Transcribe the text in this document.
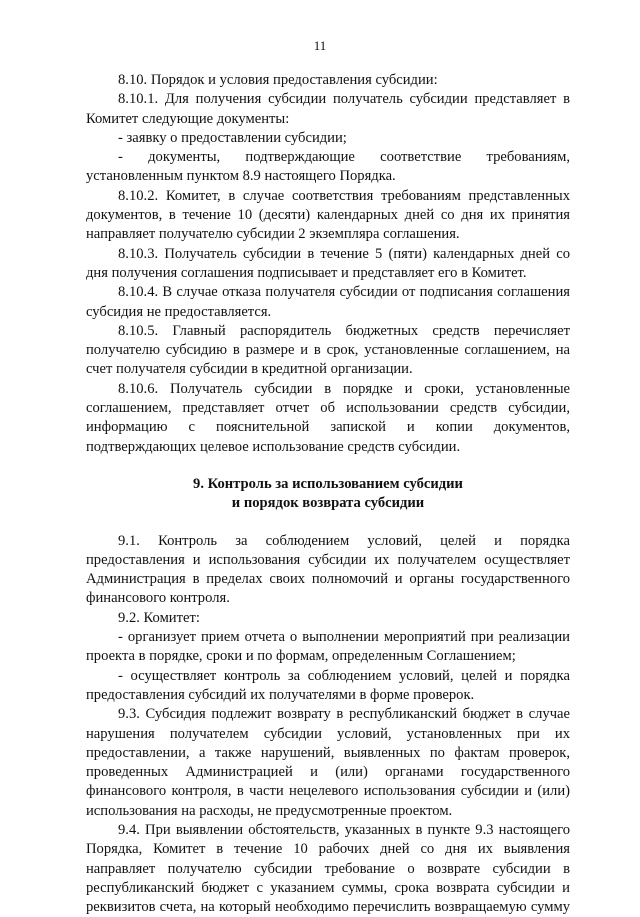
11

8.10. Порядок и условия предоставления субсидии:

8.10.1. Для получения субсидии получатель субсидии представляет в Комитет следующие документы:

- заявку о предоставлении субсидии;

- документы, подтверждающие соответствие требованиям, установленным пунктом 8.9 настоящего Порядка.

8.10.2. Комитет, в случае соответствия требованиям представленных документов, в течение 10 (десяти) календарных дней со дня их принятия направляет получателю субсидии 2 экземпляра соглашения.

8.10.3. Получатель субсидии в течение 5 (пяти) календарных дней со дня получения соглашения подписывает и представляет его в Комитет.

8.10.4. В случае отказа получателя субсидии от подписания соглашения субсидия не предоставляется.

8.10.5. Главный распорядитель бюджетных средств перечисляет получателю субсидию в размере и в срок, установленные соглашением, на счет получателя субсидии в кредитной организации.

8.10.6. Получатель субсидии в порядке и сроки, установленные соглашением, представляет отчет об использовании средств субсидии, информацию с пояснительной запиской и копии документов, подтверждающих целевое использование средств субсидии.

9. Контроль за использованием субсидии
и порядок возврата субсидии

9.1. Контроль за соблюдением условий, целей и порядка предоставления и использования субсидии их получателем осуществляет Администрация в пределах своих полномочий и органы государственного финансового контроля.

9.2. Комитет:

- организует прием отчета о выполнении мероприятий при реализации проекта в порядке, сроки и по формам, определенным Соглашением;

- осуществляет контроль за соблюдением условий, целей и порядка предоставления субсидий их получателями в форме проверок.

9.3. Субсидия подлежит возврату в республиканский бюджет в случае нарушения получателем субсидии условий, установленных при их предоставлении, а также нарушений, выявленных по фактам проверок, проведенных Администрацией и (или) органами государственного финансового контроля, в части нецелевого использования субсидии и (или) использования на расходы, не предусмотренные проектом.

9.4. При выявлении обстоятельств, указанных в пункте 9.3 настоящего Порядка, Комитет в течение 10 рабочих дней со дня их выявления направляет получателю субсидии требование о возврате субсидии в республиканский бюджет с указанием суммы, срока возврата субсидии и реквизитов счета, на который необходимо перечислить возвращаемую сумму
